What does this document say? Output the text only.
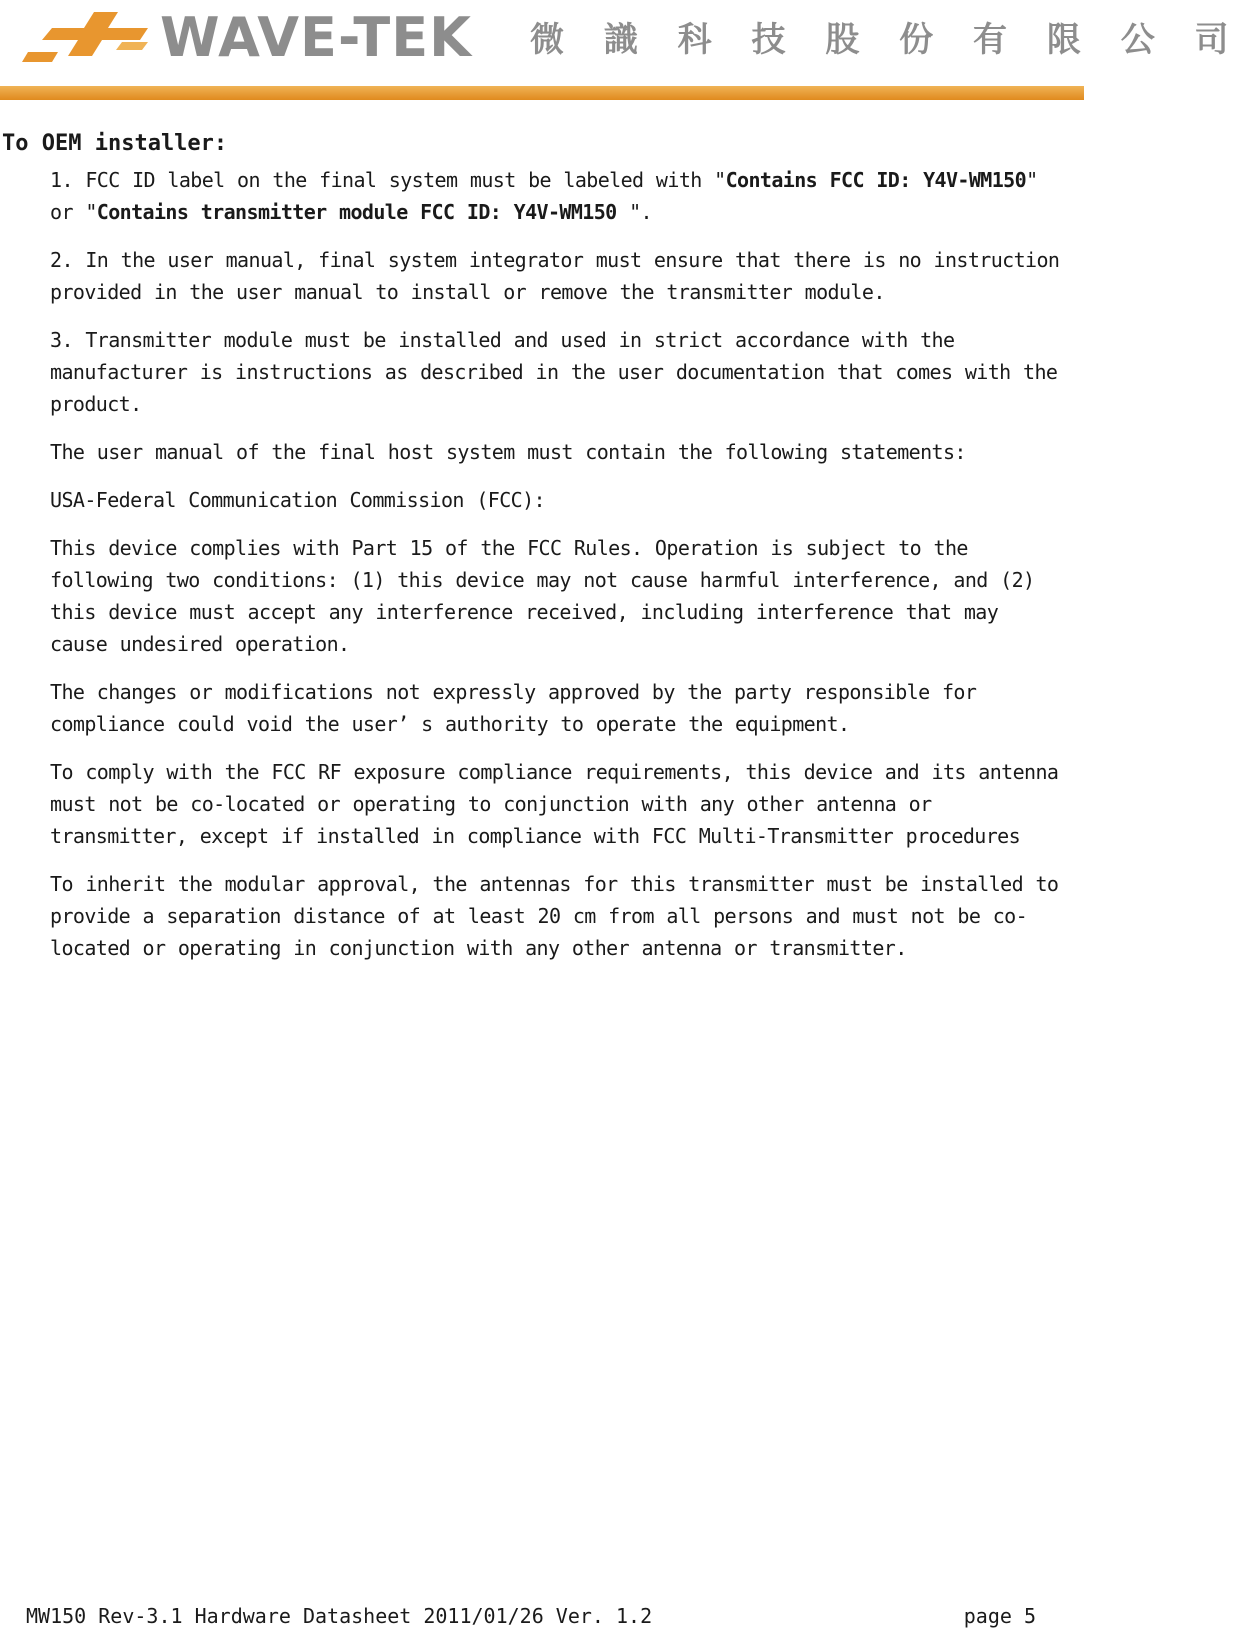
WAVE-TEK 微 識 科 技 股 份 有 限 公 司
To OEM installer:

1. FCC ID label on the final system must be labeled with "Contains FCC ID: Y4V-WM150" or "Contains transmitter module FCC ID: Y4V-WM150 ".

2. In the user manual, final system integrator must ensure that there is no instruction provided in the user manual to install or remove the transmitter module.

3. Transmitter module must be installed and used in strict accordance with the manufacturer is instructions as described in the user documentation that comes with the product.

The user manual of the final host system must contain the following statements:

USA-Federal Communication Commission (FCC):

This device complies with Part 15 of the FCC Rules. Operation is subject to the following two conditions: (1) this device may not cause harmful interference, and (2) this device must accept any interference received, including interference that may cause undesired operation.

The changes or modifications not expressly approved by the party responsible for compliance could void the user’ s authority to operate the equipment.

To comply with the FCC RF exposure compliance requirements, this device and its antenna must not be co-located or operating to conjunction with any other antenna or transmitter, except if installed in compliance with FCC Multi-Transmitter procedures

To inherit the modular approval, the antennas for this transmitter must be installed to provide a separation distance of at least 20 cm from all persons and must not be co-located or operating in conjunction with any other antenna or transmitter.

MW150 Rev-3.1 Hardware Datasheet 2011/01/26 Ver. 1.2	page 5
